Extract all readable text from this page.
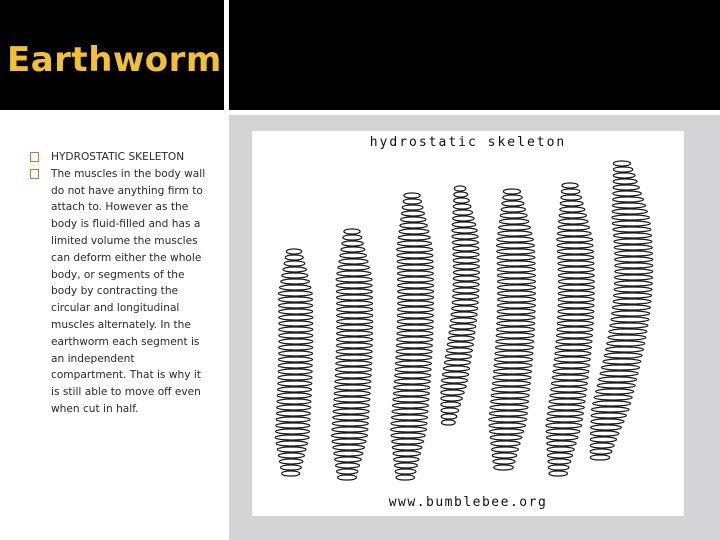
Earthworm
HYDROSTATIC SKELETON
The muscles in the body wall do not have anything firm to attach to. However as the body is fluid-filled and has a limited volume the muscles can deform either the whole body, or segments of the body by contracting the circular and longitudinal muscles alternately. In the earthworm each segment is an independent compartment. That is why it is still able to move off even when cut in half.
hydrostatic skeleton
www.bumblebee.org
